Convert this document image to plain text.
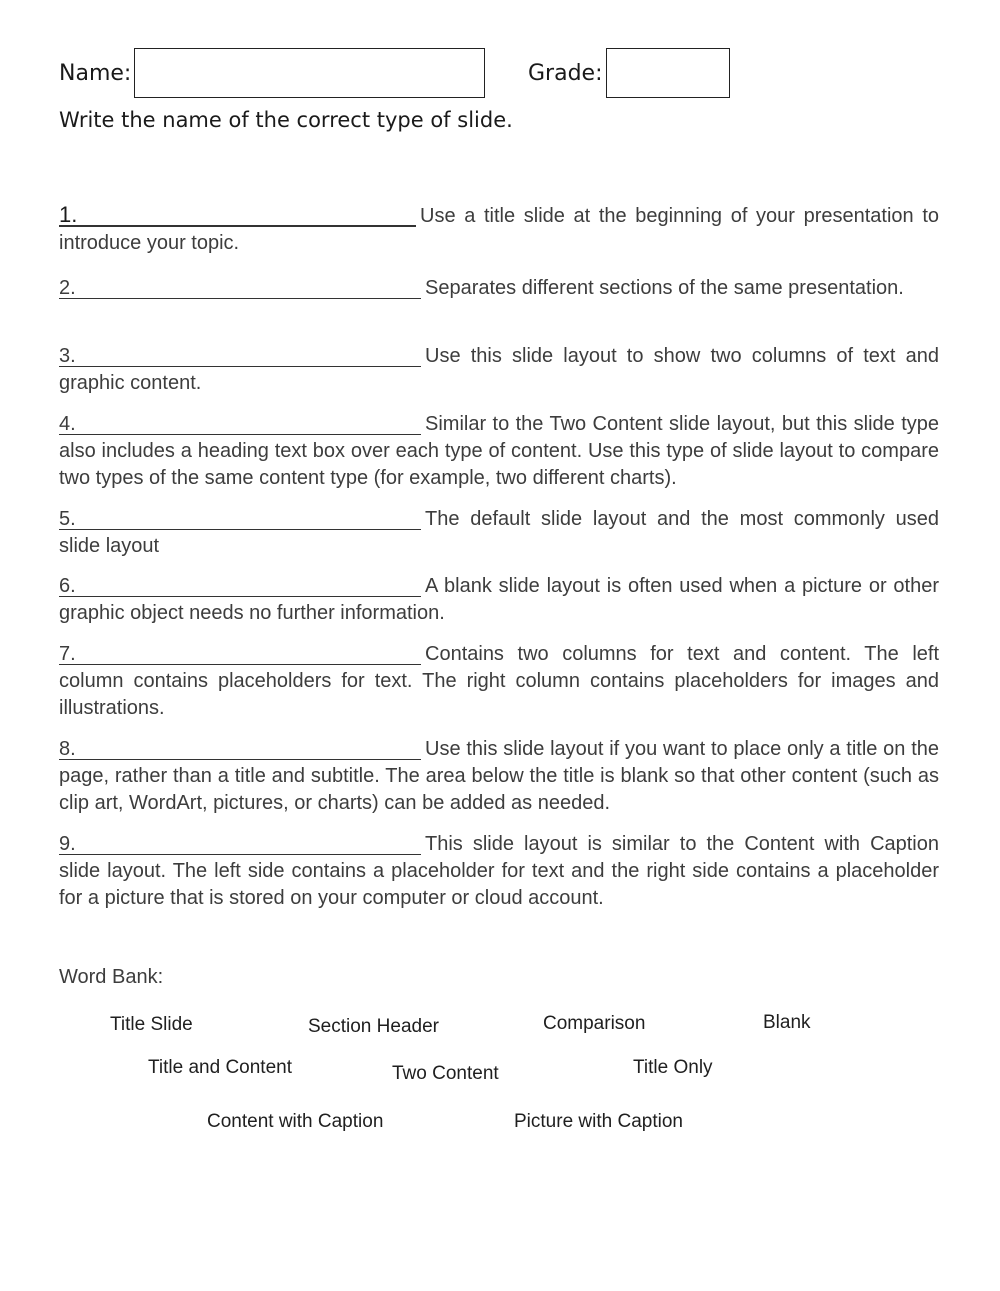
Name:	Grade:
Write the name of the correct type of slide.
1.	Use a title slide at the beginning of your presentation to introduce your topic.
2.	Separates different sections of the same presentation.
3.	Use this slide layout to show two columns of text and graphic content.
4.	Similar to the Two Content slide layout, but this slide type also includes a heading text box over each type of content. Use this type of slide layout to compare two types of the same content type (for example, two different charts).
5.	The default slide layout and the most commonly used slide layout
6.	A blank slide layout is often used when a picture or other graphic object needs no further information.
7.	Contains two columns for text and content. The left column contains placeholders for text. The right column contains placeholders for images and illustrations.
8.	Use this slide layout if you want to place only a title on the page, rather than a title and subtitle. The area below the title is blank so that other content (such as clip art, WordArt, pictures, or charts) can be added as needed.
9.	This slide layout is similar to the Content with Caption slide layout. The left side contains a placeholder for text and the right side contains a placeholder for a picture that is stored on your computer or cloud account.
Word Bank:
Title Slide	Section Header	Comparison	Blank
Title and Content	Two Content	Title Only
Content with Caption	Picture with Caption
